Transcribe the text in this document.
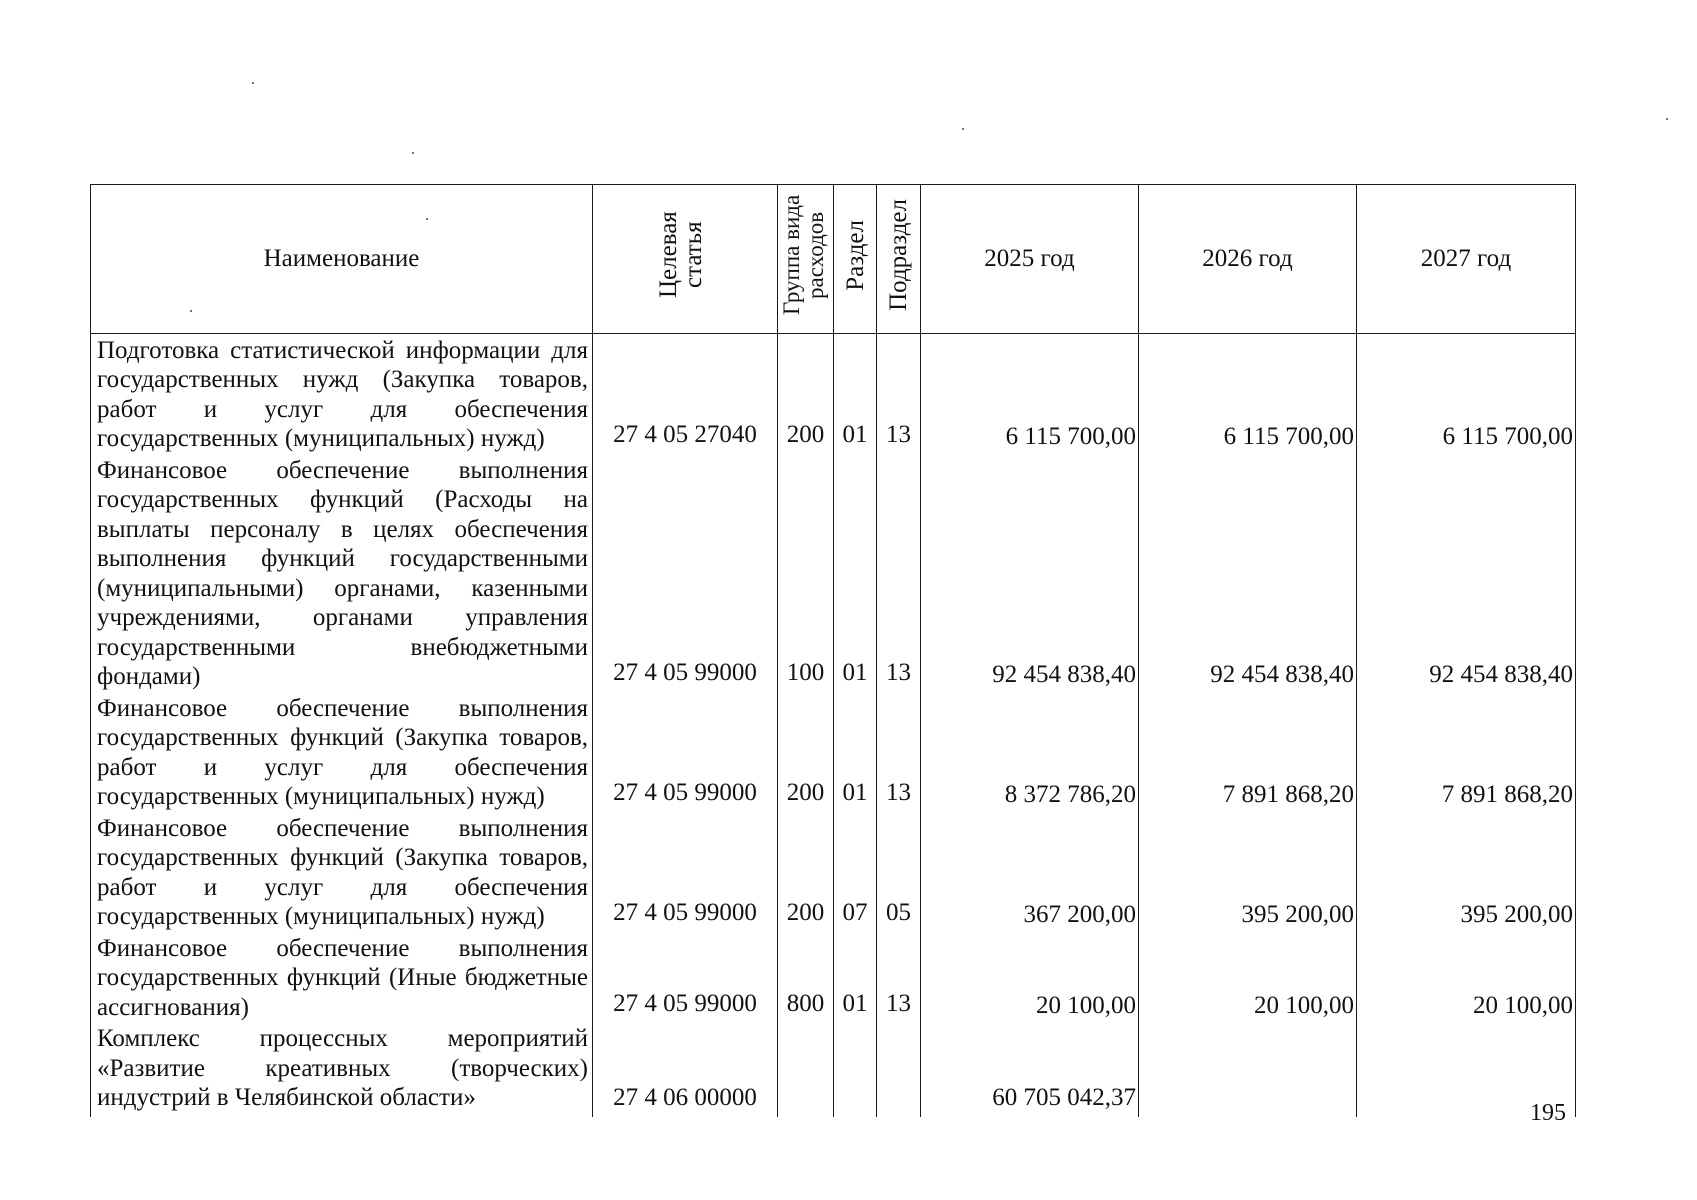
Наименование	Целевая статья	Группа вида расходов	Раздел	Подраздел	2025 год	2026 год	2027 год
Подготовка статистической информации для государственных нужд (Закупка товаров, работ и услуг для обеспечения государственных (муниципальных) нужд)	27 4 05 27040	200	01	13	6 115 700,00	6 115 700,00	6 115 700,00
Финансовое обеспечение выполнения государственных функций (Расходы на выплаты персоналу в целях обеспечения выполнения функций государственными (муниципальными) органами, казенными учреждениями, органами управления государственными внебюджетными фондами)	27 4 05 99000	100	01	13	92 454 838,40	92 454 838,40	92 454 838,40
Финансовое обеспечение выполнения государственных функций (Закупка товаров, работ и услуг для обеспечения государственных (муниципальных) нужд)	27 4 05 99000	200	01	13	8 372 786,20	7 891 868,20	7 891 868,20
Финансовое обеспечение выполнения государственных функций (Закупка товаров, работ и услуг для обеспечения государственных (муниципальных) нужд)	27 4 05 99000	200	07	05	367 200,00	395 200,00	395 200,00
Финансовое обеспечение выполнения государственных функций (Иные бюджетные ассигнования)	27 4 05 99000	800	01	13	20 100,00	20 100,00	20 100,00
Комплекс процессных мероприятий «Развитие креативных (творческих) индустрий в Челябинской области»	27 4 06 00000				60 705 042,37		
195
